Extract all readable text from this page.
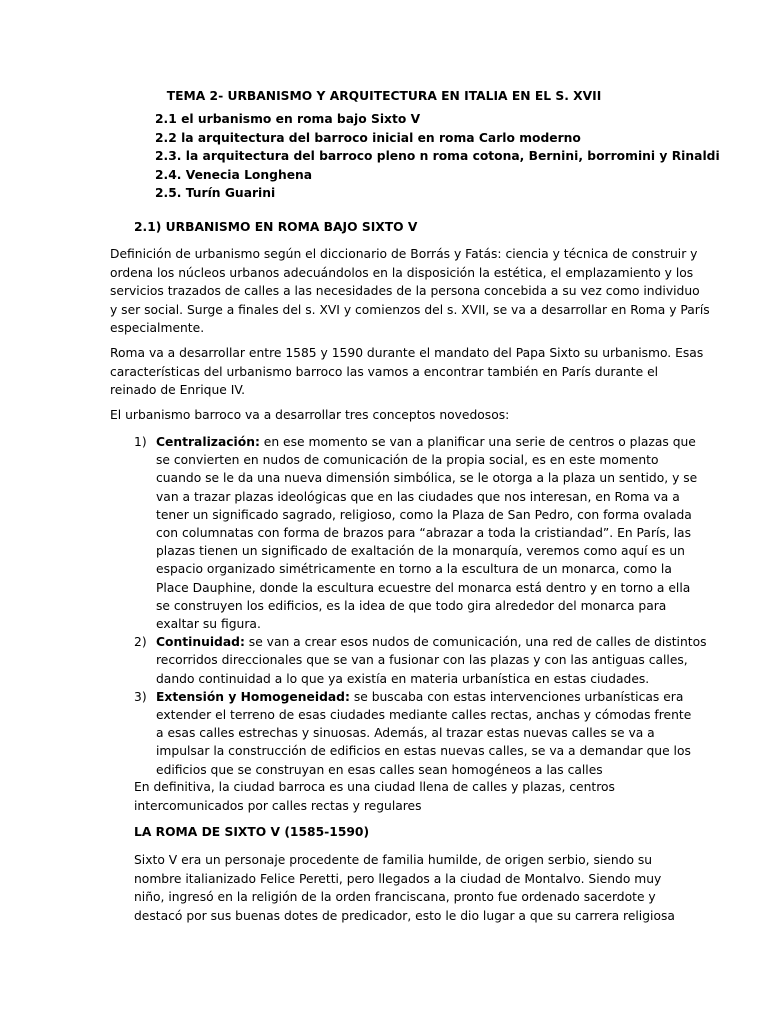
TEMA 2- URBANISMO Y ARQUITECTURA EN ITALIA EN EL S. XVII
2.1 el urbanismo en roma bajo Sixto V
2.2 la arquitectura del barroco inicial en roma Carlo moderno
2.3. la arquitectura del barroco pleno n roma cotona, Bernini, borromini y Rinaldi
2.4. Venecia Longhena
2.5. Turín Guarini
2.1) URBANISMO EN ROMA BAJO SIXTO V
Definición de urbanismo según el diccionario de Borrás y Fatás: ciencia y técnica de construir y
ordena los núcleos urbanos adecuándolos en la disposición la estética, el emplazamiento y los
servicios trazados de calles a las necesidades de la persona concebida a su vez como individuo
y ser social. Surge a finales del s. XVI y comienzos del s. XVII, se va a desarrollar en Roma y París
especialmente.
Roma va a desarrollar entre 1585 y 1590 durante el mandato del Papa Sixto su urbanismo. Esas
características del urbanismo barroco las vamos a encontrar también en París durante el
reinado de Enrique IV.
El urbanismo barroco va a desarrollar tres conceptos novedosos:
1) Centralización: en ese momento se van a planificar una serie de centros o plazas que
se convierten en nudos de comunicación de la propia social, es en este momento
cuando se le da una nueva dimensión simbólica, se le otorga a la plaza un sentido, y se
van a trazar plazas ideológicas que en las ciudades que nos interesan, en Roma va a
tener un significado sagrado, religioso, como la Plaza de San Pedro, con forma ovalada
con columnatas con forma de brazos para “abrazar a toda la cristiandad”. En París, las
plazas tienen un significado de exaltación de la monarquía, veremos como aquí es un
espacio organizado simétricamente en torno a la escultura de un monarca, como la
Place Dauphine, donde la escultura ecuestre del monarca está dentro y en torno a ella
se construyen los edificios, es la idea de que todo gira alrededor del monarca para
exaltar su figura.
2) Continuidad: se van a crear esos nudos de comunicación, una red de calles de distintos
recorridos direccionales que se van a fusionar con las plazas y con las antiguas calles,
dando continuidad a lo que ya existía en materia urbanística en estas ciudades.
3) Extensión y Homogeneidad: se buscaba con estas intervenciones urbanísticas era
extender el terreno de esas ciudades mediante calles rectas, anchas y cómodas frente
a esas calles estrechas y sinuosas. Además, al trazar estas nuevas calles se va a
impulsar la construcción de edificios en estas nuevas calles, se va a demandar que los
edificios que se construyan en esas calles sean homogéneos a las calles
En definitiva, la ciudad barroca es una ciudad llena de calles y plazas, centros
intercomunicados por calles rectas y regulares
LA ROMA DE SIXTO V (1585-1590)
Sixto V era un personaje procedente de familia humilde, de origen serbio, siendo su
nombre italianizado Felice Peretti, pero llegados a la ciudad de Montalvo. Siendo muy
niño, ingresó en la religión de la orden franciscana, pronto fue ordenado sacerdote y
destacó por sus buenas dotes de predicador, esto le dio lugar a que su carrera religiosa
